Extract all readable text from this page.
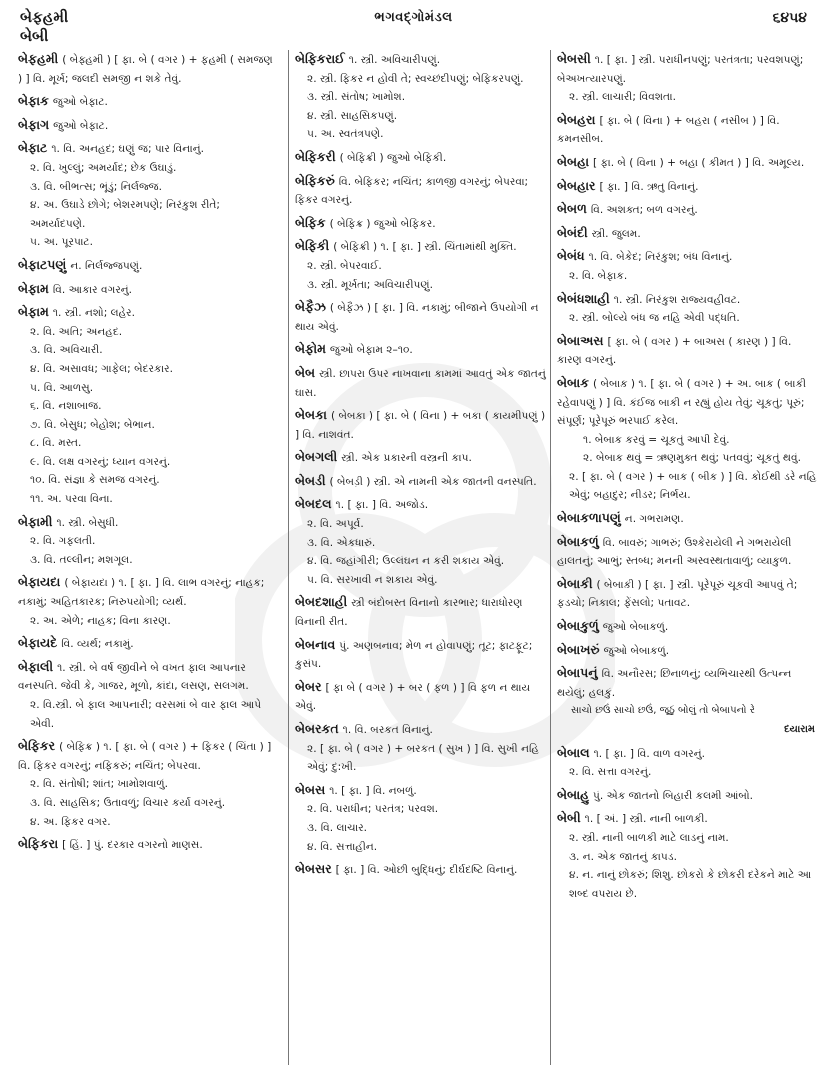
બેફહમી
બેબી
ભગવદ્ગોમંડલ	૬૪૫૪
બેફહમી ( બેફ્હમી ) [ ફા. બે ( વગર ) + ફહમી ( સમજણ ) ] વિ. મૂર્ખ; જલદી સમજી ન શકે તેવું.
બેફાક જુઓ બેફાટ.
બેફાગ જુઓ બેફાટ.
બેફાટ ૧. વિ. અનહદ; ઘણું જ; પાર વિનાનું.
૨. વિ. ખુલ્લું; અમર્યાદ; છેક ઉઘાડું.
૩. વિ. બીભત્સ; ભૂંડું; નિર્લજ્જ.
૪. અ. ઉઘાડે છોગે; બેશરમપણે; નિરંકુશ રીતે; અમર્યાદપણે.
૫. અ. પૂરપાટ.
બેફાટપણું ન. નિર્લજ્જપણું.
બેફામ વિ. આકાર વગરનું.
બેફામ ૧. સ્ત્રી. નશો; લહેર.
૨. વિ. અતિ; અનહદ.
૩. વિ. અવિચારી.
૪. વિ. અસાવધ; ગાફેલ; બેદરકાર.
૫. વિ. આળસુ.
૬. વિ. નશાબાજ.
૭. વિ. બેસુધ; બેહોશ; બેભાન.
૮. વિ. મસ્ત.
૯. વિ. લક્ષ વગરનું; ધ્યાન વગરનું.
૧૦. વિ. સંજ્ઞા કે સમજ વગરનું.
૧૧. અ. પરવા વિના.
બેફામી ૧. સ્ત્રી. બેસુધી.
૨. વિ. ગફલતી.
૩. વિ. તલ્લીન; મશગૂલ.
બેફાયદા ( બેફાયદા ) ૧. [ ફા. ] વિ. લાભ વગરનું; નાહક; નકામું; અહિતકારક; નિરુપયોગી; વ્યર્થ.
૨. અ. એળે; નાહક; વિના કારણ.
બેફાયદે વિ. વ્યર્થ; નકામું.
બેફાલી ૧. સ્ત્રી. બે વર્ષ જીવીને બે વખત ફાલ આપનાર વનસ્પતિ. જેવી કે, ગાજર, મૂળો, કાંદા, લસણ, સલગમ.
૨. વિ.સ્ત્રી. બે ફાલ આપનારી; વરસમાં બે વાર ફાલ આપે એવી.
બેફિકર ( બેફિક્ર ) ૧. [ ફા. બે ( વગર ) + ફિકર ( ચિંતા ) ] વિ. ફિકર વગરનું; નફિકરું; નચિંત; બેપરવા.
૨. વિ. સંતોષી; શાંત; ખામોશવાળું.
૩. વિ. સાહસિક; ઉતાવળું; વિચાર કર્યા વગરનું.
૪. અ. ફિકર વગર.
બેફિકરા [ હિં. ] પું. દરકાર વગરનો માણસ.
બેફિકરાઈ ૧. સ્ત્રી. અવિચારીપણું.
૨. સ્ત્રી. ફિકર ન હોવી તે; સ્વચ્છંદીપણું; બેફિકરપણું.
૩. સ્ત્રી. સંતોષ; ખામોશ.
૪. સ્ત્રી. સાહસિકપણું.
૫. અ. સ્વતંત્રપણે.
બેફિકરી ( બેફિક્રી ) જુઓ બેફિકી.
બેફિકરું વિ. બેફિકર; નચિંત; કાળજી વગરનું; બેપરવા; ફિકર વગરનું.
બેફિક ( બેફિક્ર ) જુઓ બેફિકર.
બેફિકી ( બેફિક્રી ) ૧. [ ફા. ] સ્ત્રી. ચિંતામાંથી મુક્તિ.
૨. સ્ત્રી. બેપરવાઈ.
૩. સ્ત્રી. મૂર્ખતા; અવિચારીપણું.
બેફૈઝ ( બેફૈઝ ) [ ફા. ] વિ. નકામું; બીજાને ઉપયોગી ન થાય એવું.
બેફોમ જુઓ બેફામ ૨–૧૦.
બેબ સ્ત્રી. છાપરા ઉપર નાખવાના કામમાં આવતું એક જાતનું ઘાસ.
બેબકા ( બેબક઼ા ) [ ફા. બે ( વિના ) + બકા ( કાયમીપણું ) ] વિ. નાશવંત.
બેબગલી સ્ત્રી. એક પ્રકારની વસ્ત્રની કાપ.
બેબડી ( બેબડ઼ી ) સ્ત્રી. એ નામની એક જાતની વનસ્પતિ.
બેબદલ ૧. [ ફા. ] વિ. અજોડ.
૨. વિ. અપૂર્વ.
૩. વિ. એકધારું.
૪. વિ. જહાંગીરી; ઉલ્લંઘન ન કરી શકાય એવું.
૫. વિ. સરખાવી ન શકાય એવું.
બેબદશાહી સ્ત્રી બંદોબસ્ત વિનાનો કારભાર; ધારાધોરણ વિનાની રીત.
બેબનાવ પું. અણબનાવ; મેળ ન હોવાપણું; તૂટ; ફાટફૂટ; કુસંપ.
બેબર [ ફા બે ( વગર ) + બર ( ફળ ) ] વિ ફળ ન થાય એવું.
બેબરકત ૧. વિ. બરકત વિનાનું.
૨. [ ફા. બે ( વગર ) + બરકત ( સુખ ) ] વિ. સુખી નહિ એવું; દુ:ખી.
બેબસ ૧. [ ફા. ] વિ. નબળું.
૨. વિ. પરાધીન; પરતંત્ર; પરવશ.
૩. વિ. લાચાર.
૪. વિ. સત્તાહીન.
બેબસર [ ફા. ] વિ. ઓછી બુદ્ધિનું; દીર્ઘદષ્ટિ વિનાનું.
બેબસી ૧. [ ફા. ] સ્ત્રી. પરાધીનપણું; પરતંત્રતા; પરવશપણું; બેઅખત્યારપણું.
૨. સ્ત્રી. લાચારી; વિવશતા.
બેબહરા [ ફા. બે ( વિના ) + બહરા ( નસીબ ) ] વિ. કમનસીબ.
બેબહા [ ફા. બે ( વિના ) + બહા ( કીમત ) ] વિ. અમૂલ્ય.
બેબહાર [ ફા. ] વિ. ઋતુ વિનાનું.
બેબળ વિ. અશક્ત; બળ વગરનું.
બેબંદી સ્ત્રી. જુલમ.
બેબંધ ૧. વિ. બેકેદ; નિરંકુશ; બંધ વિનાનું.
૨. વિ. બેફાક.
બેબંધશાહી ૧. સ્ત્રી. નિરંકુશ રાજ્યવહીવટ.
૨. સ્ત્રી. બોલ્યે બંધ જ નહિ એવી પદ્ધતિ.
બેબાઅસ [ ફા. બે ( વગર ) + બાઅસ ( કારણ ) ] વિ. કારણ વગરનું.
બેબાક ( બેબાક઼ ) ૧. [ ફા. બે ( વગર ) + અ. બાક ( બાકી રહેવાપણું ) ] વિ. કંઈજ બાકી ન રહ્યું હોય તેવું; ચૂકતું; પૂરું; સંપૂર્ણ; પૂરેપૂરું ભરપાઈ કરેલ.
૧. બેબાક કરવું = ચૂકતું આપી દેવું.
૨. બેબાક થવું = ઋણમુક્ત થવું; પતવવું; ચૂકતું થવું.
૨. [ ફા. બે ( વગર ) + બાક ( બીક ) ] વિ. કોઈથી ડરે નહિ એવું; બહાદુર; નીડર; નિર્ભય.
બેબાકળાપણું ન. ગભરામણ.
બેબાકળું વિ. બાવરું; ગાભરું; ઉશ્કેરાયેલી ને ગભરાયેલી હાલતનું; આભું; સ્તબ્ધ; મનની અસ્વસ્થતાવાળું; વ્યાકુળ.
બેબાકી ( બેબાક઼ી ) [ ફા. ] સ્ત્રી. પૂરેપૂરું ચૂકવી આપવું તે; ફડચો; નિકાલ; ફેંસલો; પતાવટ.
બેબાકુળું જુઓ બેબાકળું.
બેબાખરું જુઓ બેબાકળું.
બેબાપનું વિ. અનૌરસ; છિનાળનું; વ્યભિચારથી ઉત્પન્ન થયેલું; હલકું.
સાચો છઉં સાચો છઉં, જૂઠું બોલું તો બેબાપનો રે
દયારામ
બેબાલ ૧. [ ફા. ] વિ. વાળ વગરનું.
૨. વિ. સત્તા વગરનું.
બેબાહુ પું. એક જાતનો બિહારી કલમી આંબો.
બેબી ૧. [ અં. ] સ્ત્રી. નાની બાળકી.
૨. સ્ત્રી. નાની બાળકી માટે લાડનું નામ.
૩. ન. એક જાતનું કાપડ.
૪. ન. નાનું છોકરું; શિશુ. છોકરો કે છોકરી દરેકને માટે આ શબ્દ વપરાય છે.
